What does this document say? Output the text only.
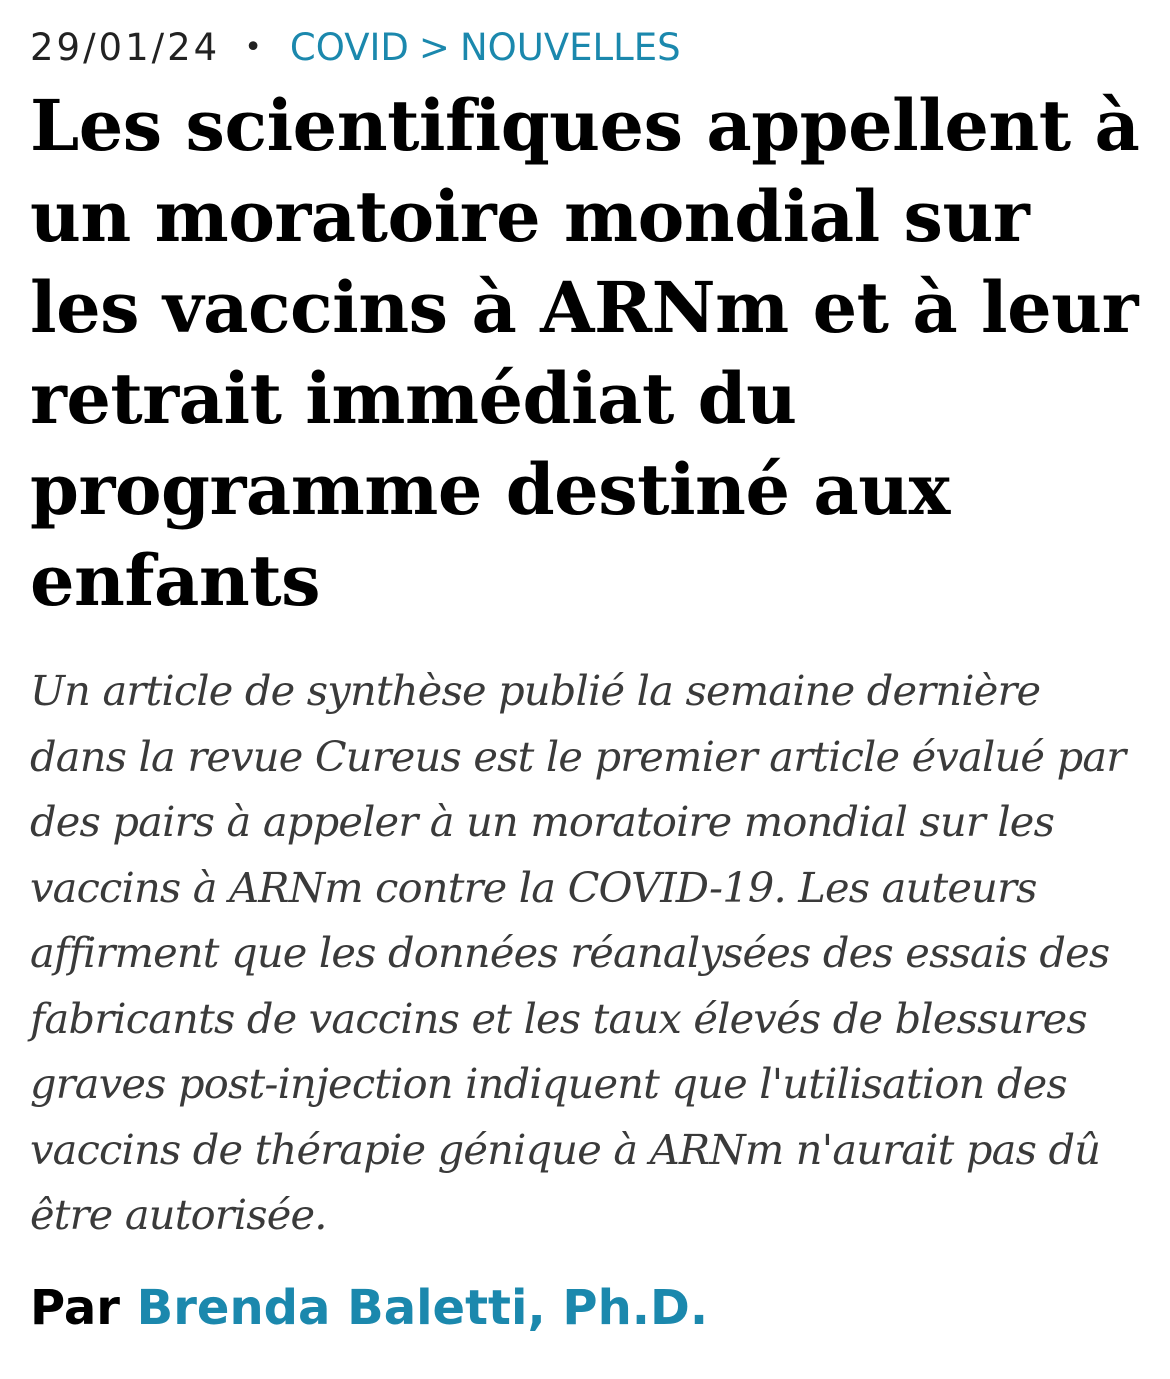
29/01/24 • COVID > NOUVELLES
Les scientifiques appellent à un moratoire mondial sur les vaccins à ARNm et à leur retrait immédiat du programme destiné aux enfants

Un article de synthèse publié la semaine dernière dans la revue Cureus est le premier article évalué par des pairs à appeler à un moratoire mondial sur les vaccins à ARNm contre la COVID-19. Les auteurs affirment que les données réanalysées des essais des fabricants de vaccins et les taux élevés de blessures graves post-injection indiquent que l'utilisation des vaccins de thérapie génique à ARNm n'aurait pas dû être autorisée.

Par Brenda Baletti, Ph.D.
